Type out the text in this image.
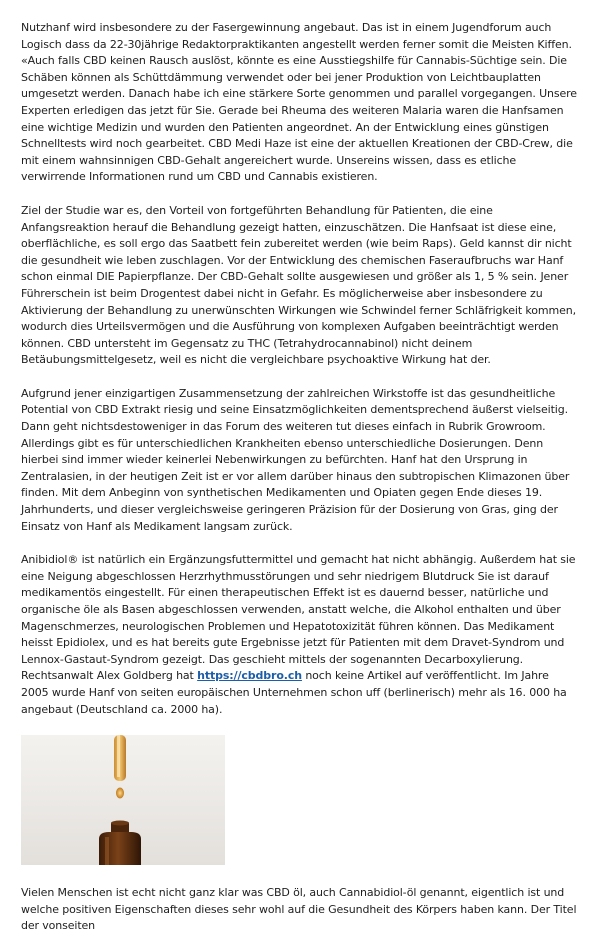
Nutzhanf wird insbesondere zu der Fasergewinnung angebaut. Das ist in einem Jugendforum auch Logisch dass da 22-30jährige Redaktorpraktikanten angestellt werden ferner somit die Meisten Kiffen. «Auch falls CBD keinen Rausch auslöst, könnte es eine Ausstiegshilfe für Cannabis-Süchtige sein. Die Schäben können als Schüttdämmung verwendet oder bei jener Produktion von Leichtbauplatten umgesetzt werden. Danach habe ich eine stärkere Sorte genommen und parallel vorgegangen. Unsere Experten erledigen das jetzt für Sie. Gerade bei Rheuma des weiteren Malaria waren die Hanfsamen eine wichtige Medizin und wurden den Patienten angeordnet. An der Entwicklung eines günstigen Schnelltests wird noch gearbeitet. CBD Medi Haze ist eine der aktuellen Kreationen der CBD-Crew, die mit einem wahnsinnigen CBD-Gehalt angereichert wurde. Unsereins wissen, dass es etliche verwirrende Informationen rund um CBD und Cannabis existieren.

Ziel der Studie war es, den Vorteil von fortgeführten Behandlung für Patienten, die eine Anfangsreaktion herauf die Behandlung gezeigt hatten, einzuschätzen. Die Hanfsaat ist diese eine, oberflächliche, es soll ergo das Saatbett fein zubereitet werden (wie beim Raps). Geld kannst dir nicht die gesundheit wie leben zuschlagen. Vor der Entwicklung des chemischen Faseraufbruchs war Hanf schon einmal DIE Papierpflanze. Der CBD-Gehalt sollte ausgewiesen und größer als 1, 5 % sein. Jener Führerschein ist beim Drogentest dabei nicht in Gefahr. Es möglicherweise aber insbesondere zu Aktivierung der Behandlung zu unerwünschten Wirkungen wie Schwindel ferner Schläfrigkeit kommen, wodurch dies Urteilsvermögen und die Ausführung von komplexen Aufgaben beeinträchtigt werden können. CBD untersteht im Gegensatz zu THC (Tetrahydrocannabinol) nicht deinem Betäubungsmittelgesetz, weil es nicht die vergleichbare psychoaktive Wirkung hat der.

Aufgrund jener einzigartigen Zusammensetzung der zahlreichen Wirkstoffe ist das gesundheitliche Potential von CBD Extrakt riesig und seine Einsatzmöglichkeiten dementsprechend äußerst vielseitig. Dann geht nichtsdestoweniger in das Forum des weiteren tut dieses einfach in Rubrik Growroom. Allerdings gibt es für unterschiedlichen Krankheiten ebenso unterschiedliche Dosierungen. Denn hierbei sind immer wieder keinerlei Nebenwirkungen zu befürchten. Hanf hat den Ursprung in Zentralasien, in der heutigen Zeit ist er vor allem darüber hinaus den subtropischen Klimazonen über finden. Mit dem Anbeginn von synthetischen Medikamenten und Opiaten gegen Ende dieses 19. Jahrhunderts, und dieser vergleichsweise geringeren Präzision für der Dosierung von Gras, ging der Einsatz von Hanf als Medikament langsam zurück.

Anibidiol® ist natürlich ein Ergänzungsfuttermittel und gemacht hat nicht abhängig. Außerdem hat sie eine Neigung abgeschlossen Herzrhythmusstörungen und sehr niedrigem Blutdruck Sie ist darauf medikamentös eingestellt. Für einen therapeutischen Effekt ist es dauernd besser, natürliche und organische öle als Basen abgeschlossen verwenden, anstatt welche, die Alkohol enthalten und über Magenschmerzes, neurologischen Problemen und Hepatotoxizität führen können. Das Medikament heisst Epidiolex, und es hat bereits gute Ergebnisse jetzt für Patienten mit dem Dravet-Syndrom und Lennox-Gastaut-Syndrom gezeigt. Das geschieht mittels der sogenannten Decarboxylierung. Rechtsanwalt Alex Goldberg hat https://cbdbro.ch noch keine Artikel auf veröffentlicht. Im Jahre 2005 wurde Hanf von seiten europäischen Unternehmen schon uff (berlinerisch) mehr als 16. 000 ha angebaut (Deutschland ca. 2000 ha).

Vielen Menschen ist echt nicht ganz klar was CBD öl, auch Cannabidiol-öl genannt, eigentlich ist und welche positiven Eigenschaften dieses sehr wohl auf die Gesundheit des Körpers haben kann. Der Titel der vonseiten
